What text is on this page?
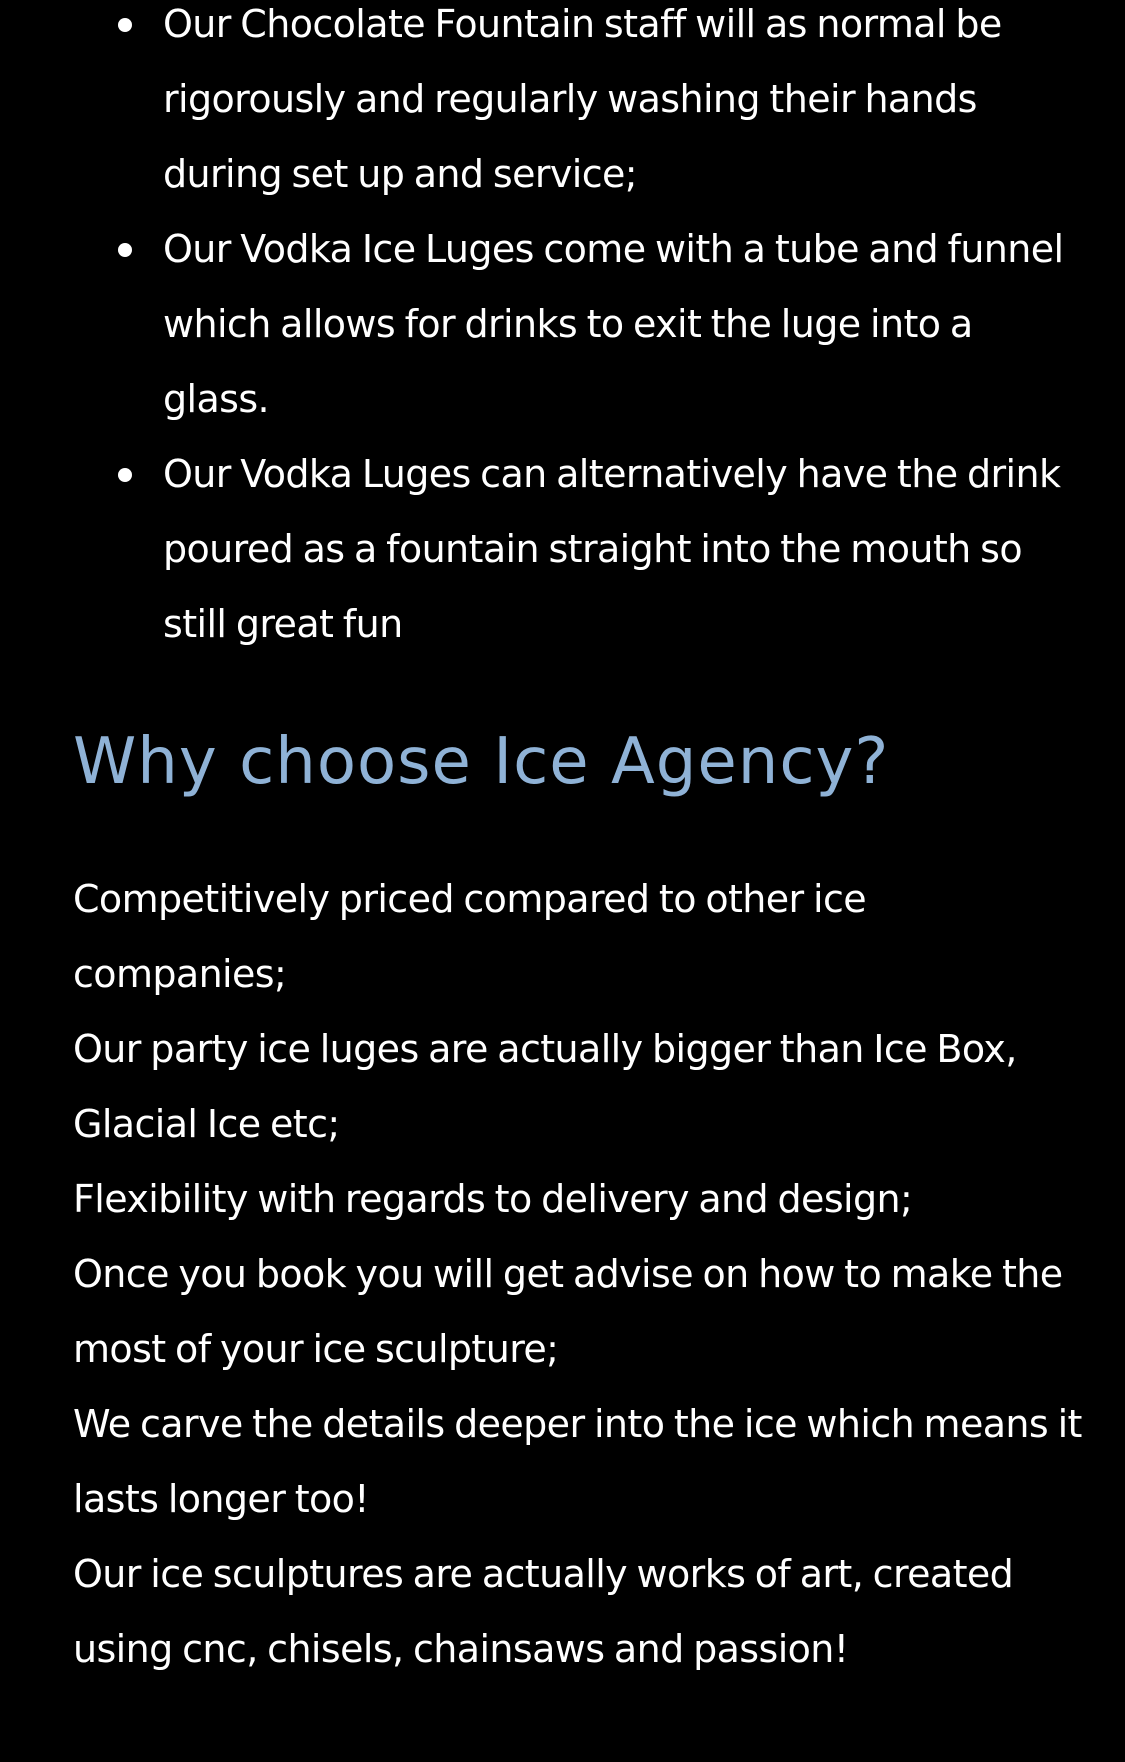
Our Chocolate Fountain staff will as normal be rigorously and regularly washing their hands during set up and service;
Our Vodka Ice Luges come with a tube and funnel which allows for drinks to exit the luge into a glass.
Our Vodka Luges can alternatively have the drink poured as a fountain straight into the mouth so still great fun
Why choose Ice Agency?

Competitively priced compared to other ice companies;

Our party ice luges are actually bigger than Ice Box, Glacial Ice etc;

Flexibility with regards to delivery and design;

Once you book you will get advise on how to make the most of your ice sculpture;

We carve the details deeper into the ice which means it lasts longer too!

Our ice sculptures are actually works of art, created using cnc, chisels, chainsaws and passion!
